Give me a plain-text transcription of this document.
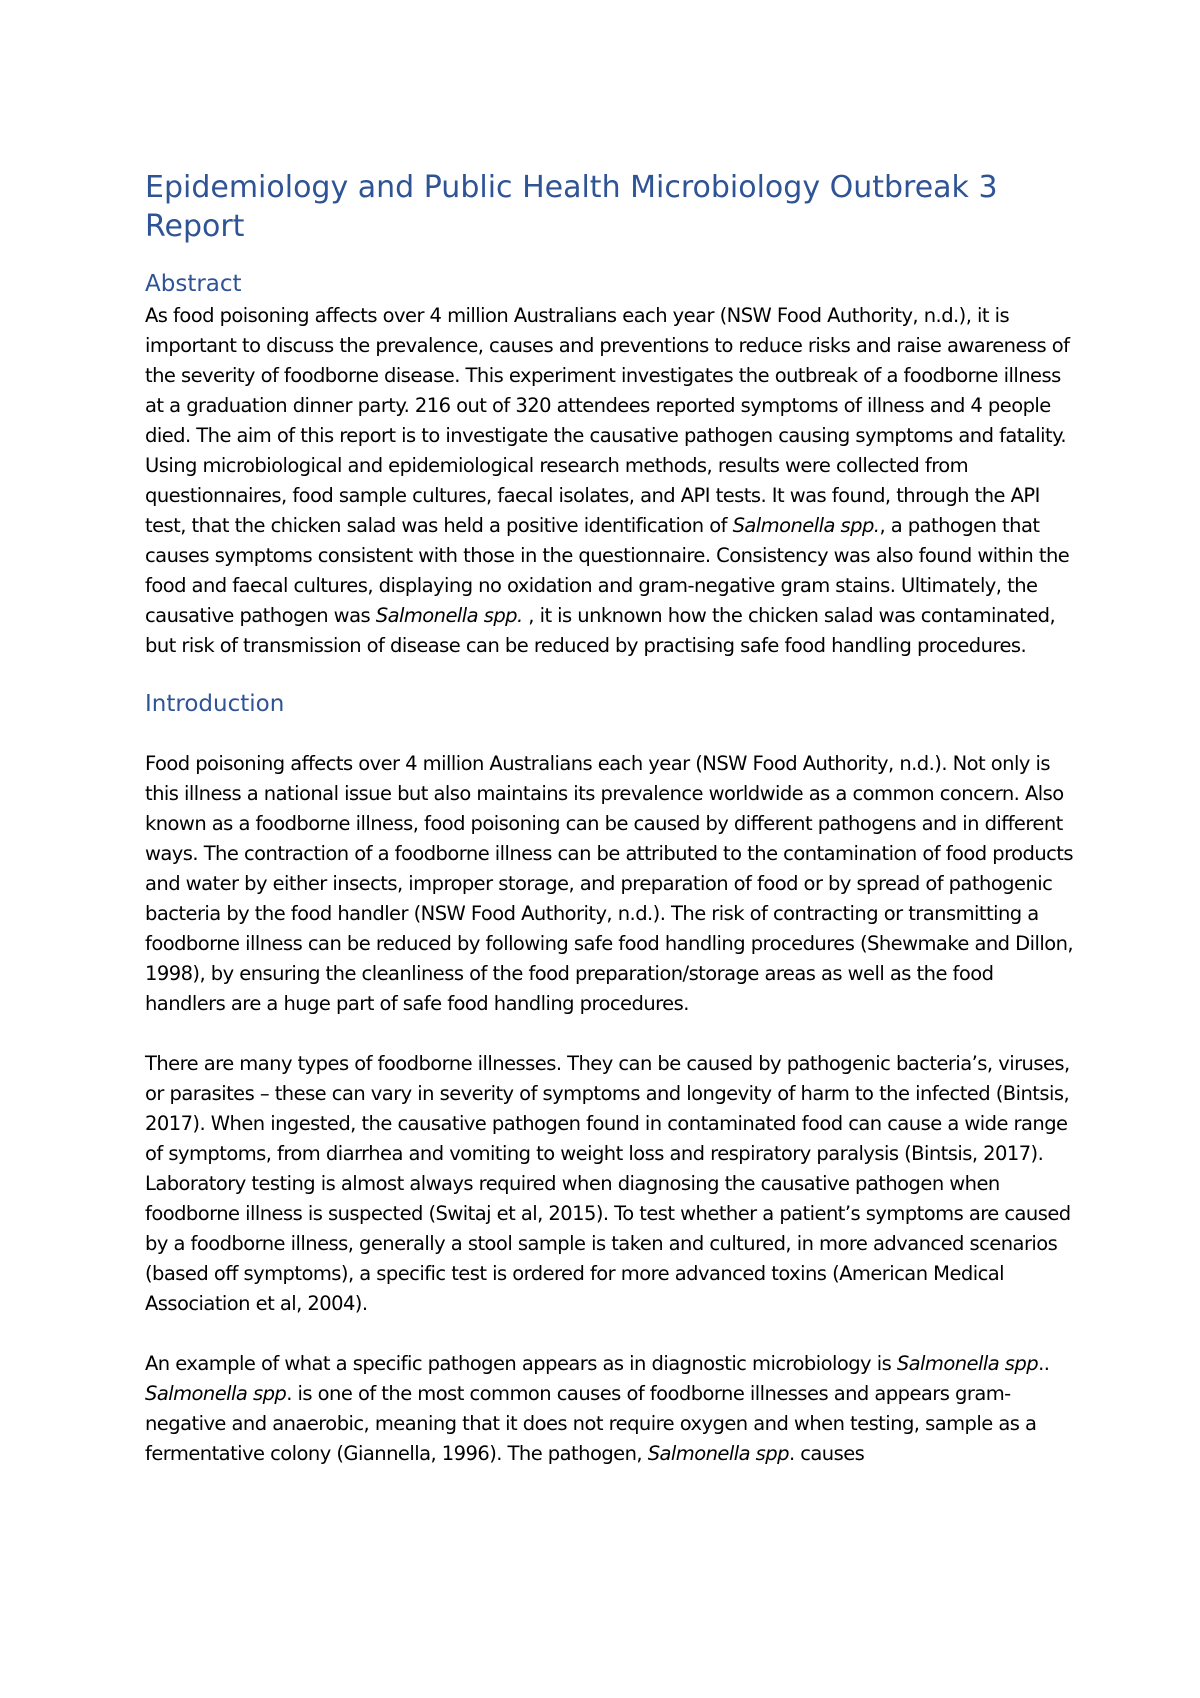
Epidemiology and Public Health Microbiology Outbreak 3 Report
Abstract

As food poisoning affects over 4 million Australians each year (NSW Food Authority, n.d.), it is important to discuss the prevalence, causes and preventions to reduce risks and raise awareness of the severity of foodborne disease. This experiment investigates the outbreak of a foodborne illness at a graduation dinner party. 216 out of 320 attendees reported symptoms of illness and 4 people died. The aim of this report is to investigate the causative pathogen causing symptoms and fatality. Using microbiological and epidemiological research methods, results were collected from questionnaires, food sample cultures, faecal isolates, and API tests. It was found, through the API test, that the chicken salad was held a positive identification of Salmonella spp., a pathogen that causes symptoms consistent with those in the questionnaire. Consistency was also found within the food and faecal cultures, displaying no oxidation and gram-negative gram stains. Ultimately, the causative pathogen was Salmonella spp. , it is unknown how the chicken salad was contaminated, but risk of transmission of disease can be reduced by practising safe food handling procedures.

Introduction

Food poisoning affects over 4 million Australians each year (NSW Food Authority, n.d.). Not only is this illness a national issue but also maintains its prevalence worldwide as a common concern. Also known as a foodborne illness, food poisoning can be caused by different pathogens and in different ways. The contraction of a foodborne illness can be attributed to the contamination of food products and water by either insects, improper storage, and preparation of food or by spread of pathogenic bacteria by the food handler (NSW Food Authority, n.d.). The risk of contracting or transmitting a foodborne illness can be reduced by following safe food handling procedures (Shewmake and Dillon, 1998), by ensuring the cleanliness of the food preparation/storage areas as well as the food handlers are a huge part of safe food handling procedures.

There are many types of foodborne illnesses. They can be caused by pathogenic bacteria’s, viruses, or parasites – these can vary in severity of symptoms and longevity of harm to the infected (Bintsis, 2017). When ingested, the causative pathogen found in contaminated food can cause a wide range of symptoms, from diarrhea and vomiting to weight loss and respiratory paralysis (Bintsis, 2017). Laboratory testing is almost always required when diagnosing the causative pathogen when foodborne illness is suspected (Switaj et al, 2015). To test whether a patient’s symptoms are caused by a foodborne illness, generally a stool sample is taken and cultured, in more advanced scenarios (based off symptoms), a specific test is ordered for more advanced toxins (American Medical Association et al, 2004).

An example of what a specific pathogen appears as in diagnostic microbiology is Salmonella spp.. Salmonella spp. is one of the most common causes of foodborne illnesses and appears gram-negative and anaerobic, meaning that it does not require oxygen and when testing, sample as a fermentative colony (Giannella, 1996). The pathogen, Salmonella spp. causes
